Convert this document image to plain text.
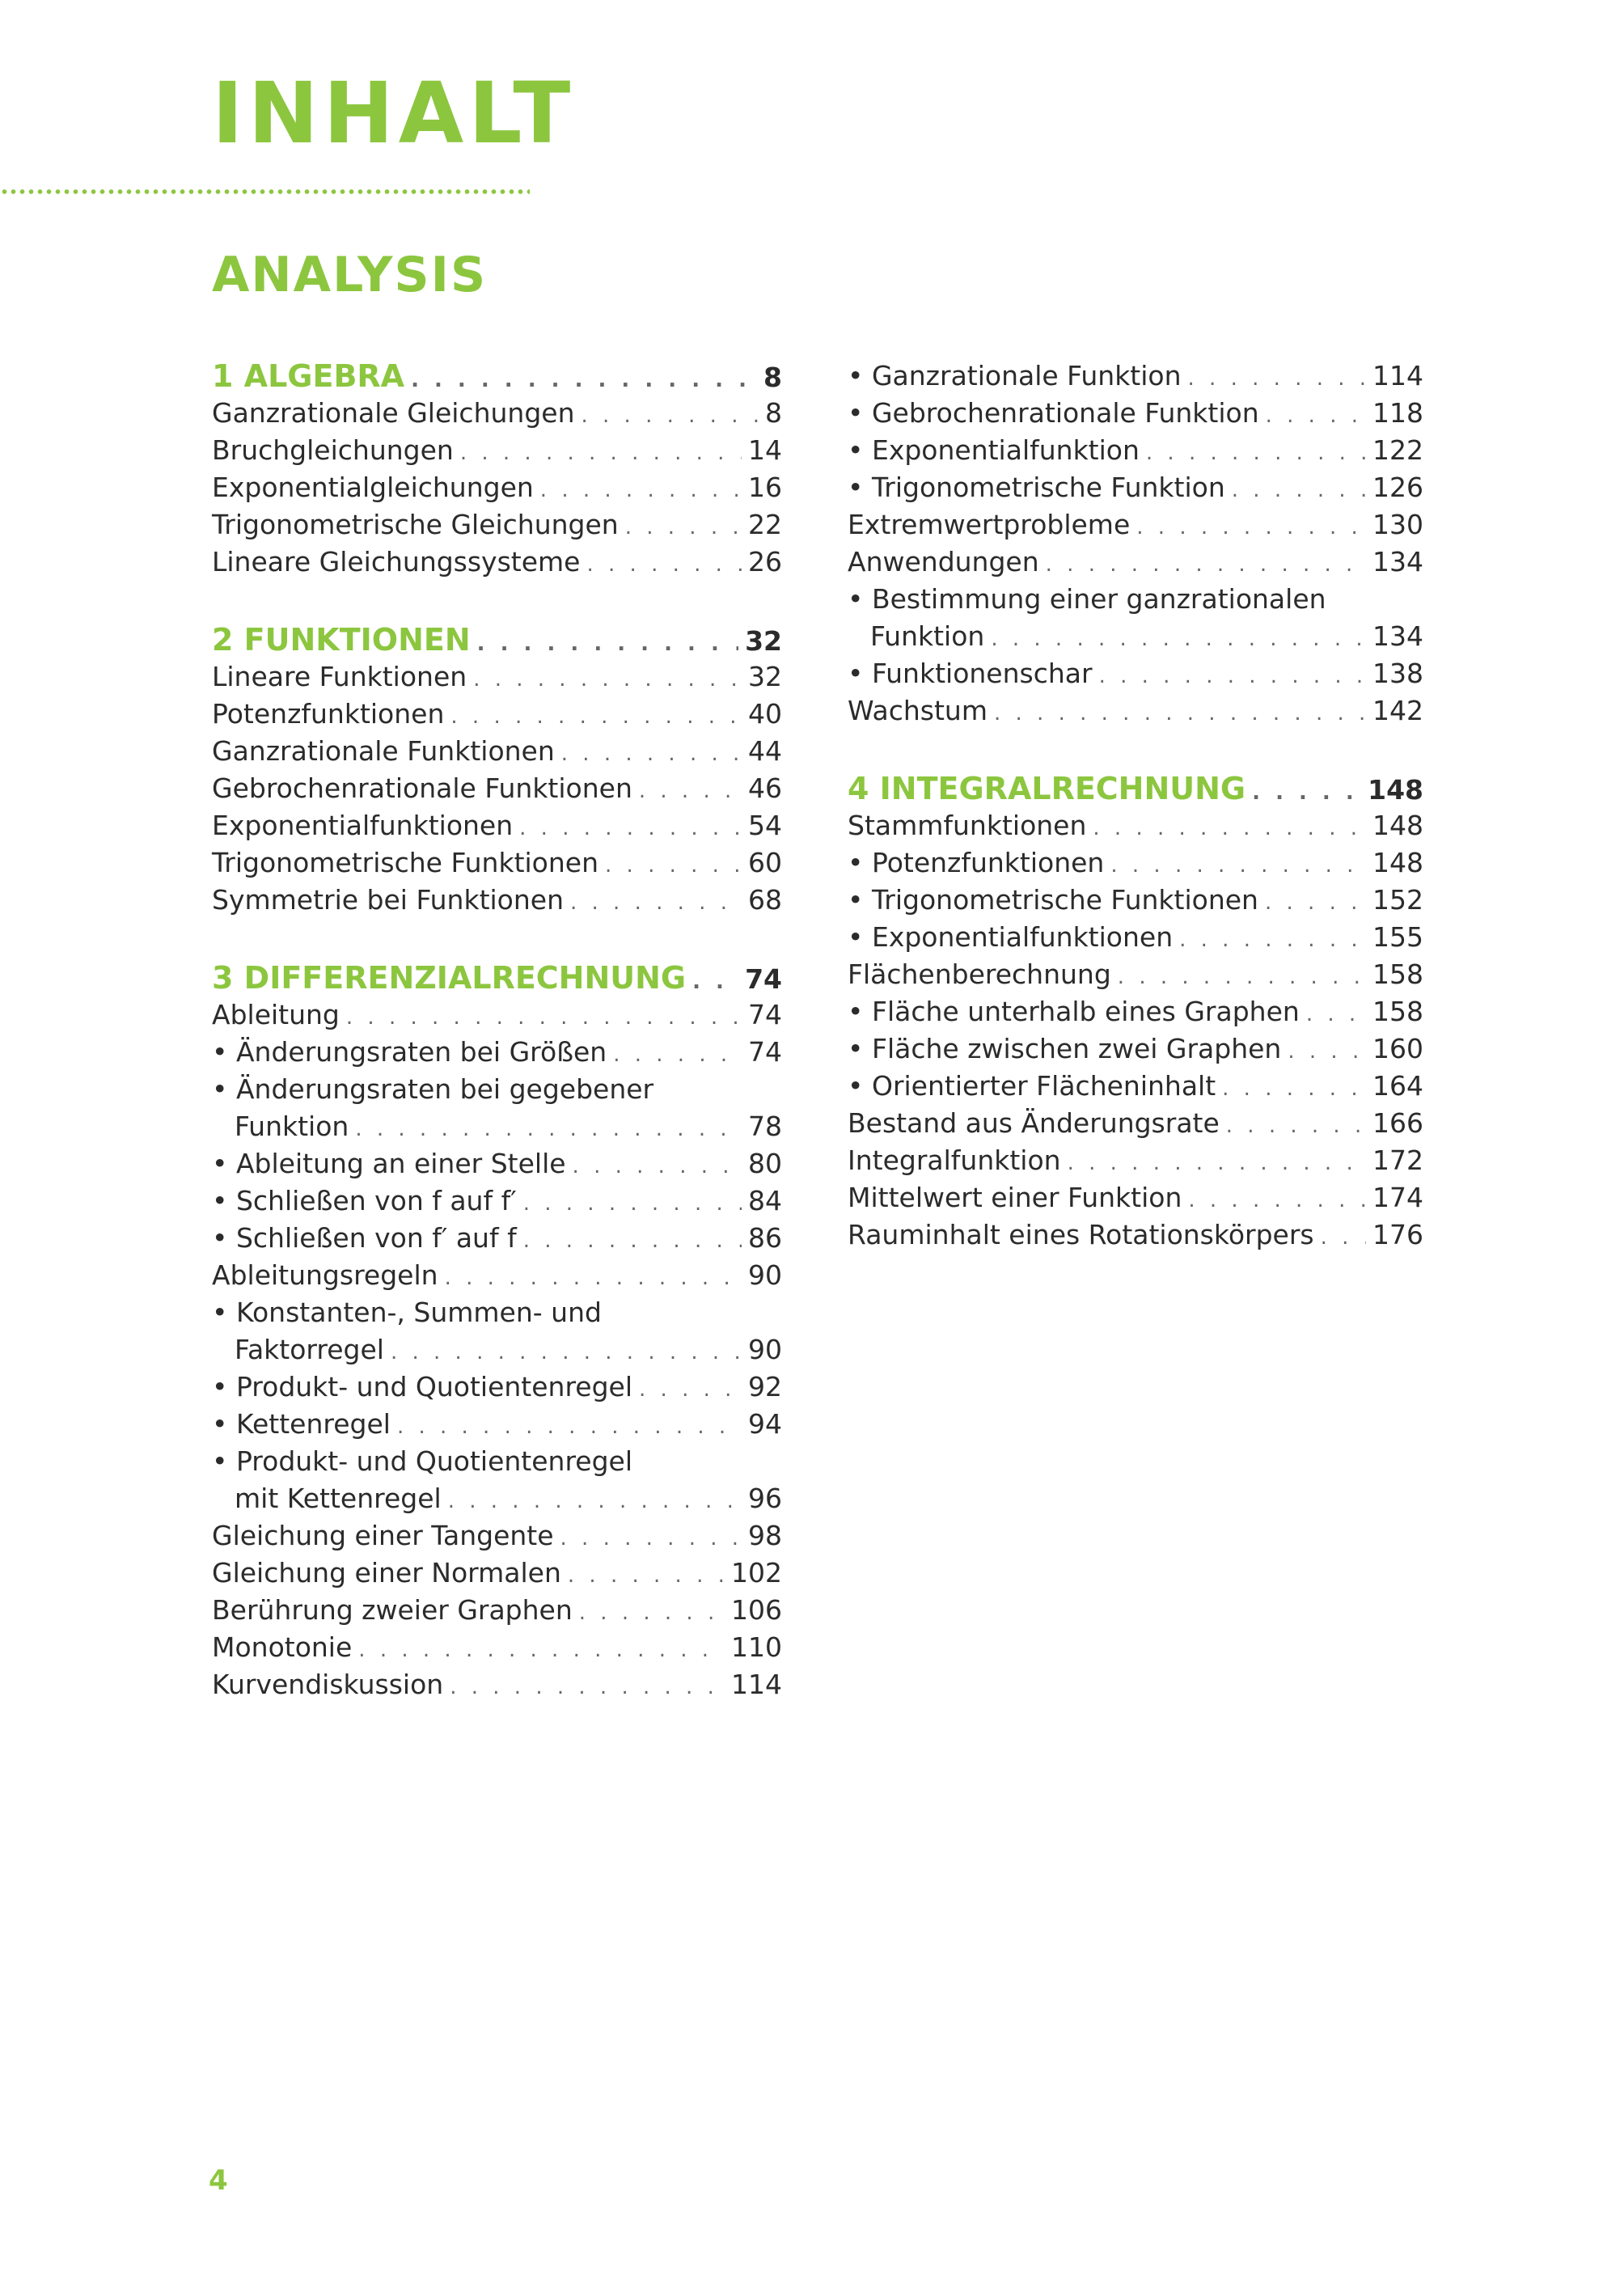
INHALT
ANALYSIS
1 ALGEBRA . . .	8
Ganzrationale Gleichungen . . .	8
Bruchgleichungen . . .	14
Exponentialgleichungen . . .	16
Trigonometrische Gleichungen . . .	22
Lineare Gleichungssysteme . . .	26
2 FUNKTIONEN . . .	32
Lineare Funktionen . . .	32
Potenzfunktionen . . .	40
Ganzrationale Funktionen . . .	44
Gebrochenrationale Funktionen . . .	46
Exponentialfunktionen . . .	54
Trigonometrische Funktionen . . .	60
Symmetrie bei Funktionen . . .	68
3 DIFFERENZIALRECHNUNG . . . 74
Ableitung . . .	74
• Änderungsraten bei Größen . . .	74
• Änderungsraten bei gegebener
Funktion . . .	78
• Ableitung an einer Stelle . . .	80
• Schließen von f auf f′ . . .	84
• Schließen von f′ auf f . . .	86
Ableitungsregeln . . .	90
• Konstanten-, Summen- und
Faktorregel . . .	90
• Produkt- und Quotientenregel . . .	92
• Kettenregel . . .	94
• Produkt- und Quotientenregel
mit Kettenregel . . .	96
Gleichung einer Tangente . . .	98
Gleichung einer Normalen . . .	102
Berührung zweier Graphen . . .	106
Monotonie . . .	110
Kurvendiskussion . . .	114
• Ganzrationale Funktion . . .	114
• Gebrochenrationale Funktion . . .	118
• Exponentialfunktion . . .	122
• Trigonometrische Funktion . . .	126
Extremwertprobleme . . .	130
Anwendungen . . .	134
• Bestimmung einer ganzrationalen
Funktion . . .	134
• Funktionenschar . . .	138
Wachstum . . .	142
4 INTEGRALRECHNUNG . . .	148
Stammfunktionen . . .	148
• Potenzfunktionen . . .	148
• Trigonometrische Funktionen . . .	152
• Exponentialfunktionen . . .	155
Flächenberechnung . . .	158
• Fläche unterhalb eines Graphen . . .	158
• Fläche zwischen zwei Graphen . . .	160
• Orientierter Flächeninhalt . . .	164
Bestand aus Änderungsrate . . .	166
Integralfunktion . . .	172
Mittelwert einer Funktion . . .	174
Rauminhalt eines Rotationskörpers . . . 176
4
